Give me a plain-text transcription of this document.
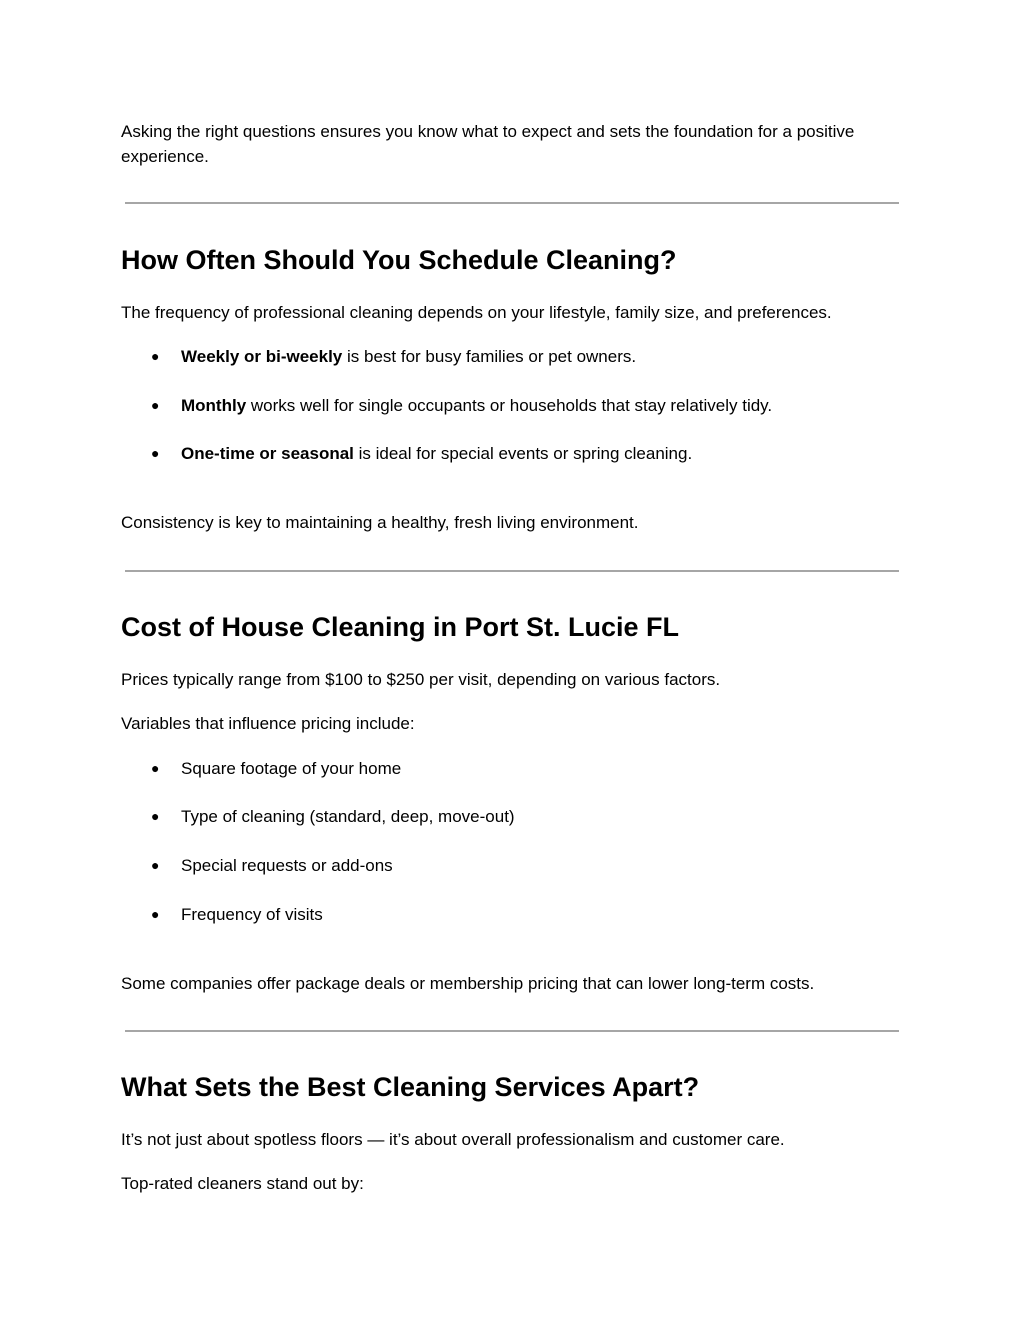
Asking the right questions ensures you know what to expect and sets the foundation for a positive experience.

How Often Should You Schedule Cleaning?

The frequency of professional cleaning depends on your lifestyle, family size, and preferences.

● Weekly or bi-weekly is best for busy families or pet owners.
● Monthly works well for single occupants or households that stay relatively tidy.
● One-time or seasonal is ideal for special events or spring cleaning.

Consistency is key to maintaining a healthy, fresh living environment.

Cost of House Cleaning in Port St. Lucie FL

Prices typically range from $100 to $250 per visit, depending on various factors.

Variables that influence pricing include:

● Square footage of your home
● Type of cleaning (standard, deep, move-out)
● Special requests or add-ons
● Frequency of visits

Some companies offer package deals or membership pricing that can lower long-term costs.

What Sets the Best Cleaning Services Apart?

It’s not just about spotless floors — it’s about overall professionalism and customer care.

Top-rated cleaners stand out by:
